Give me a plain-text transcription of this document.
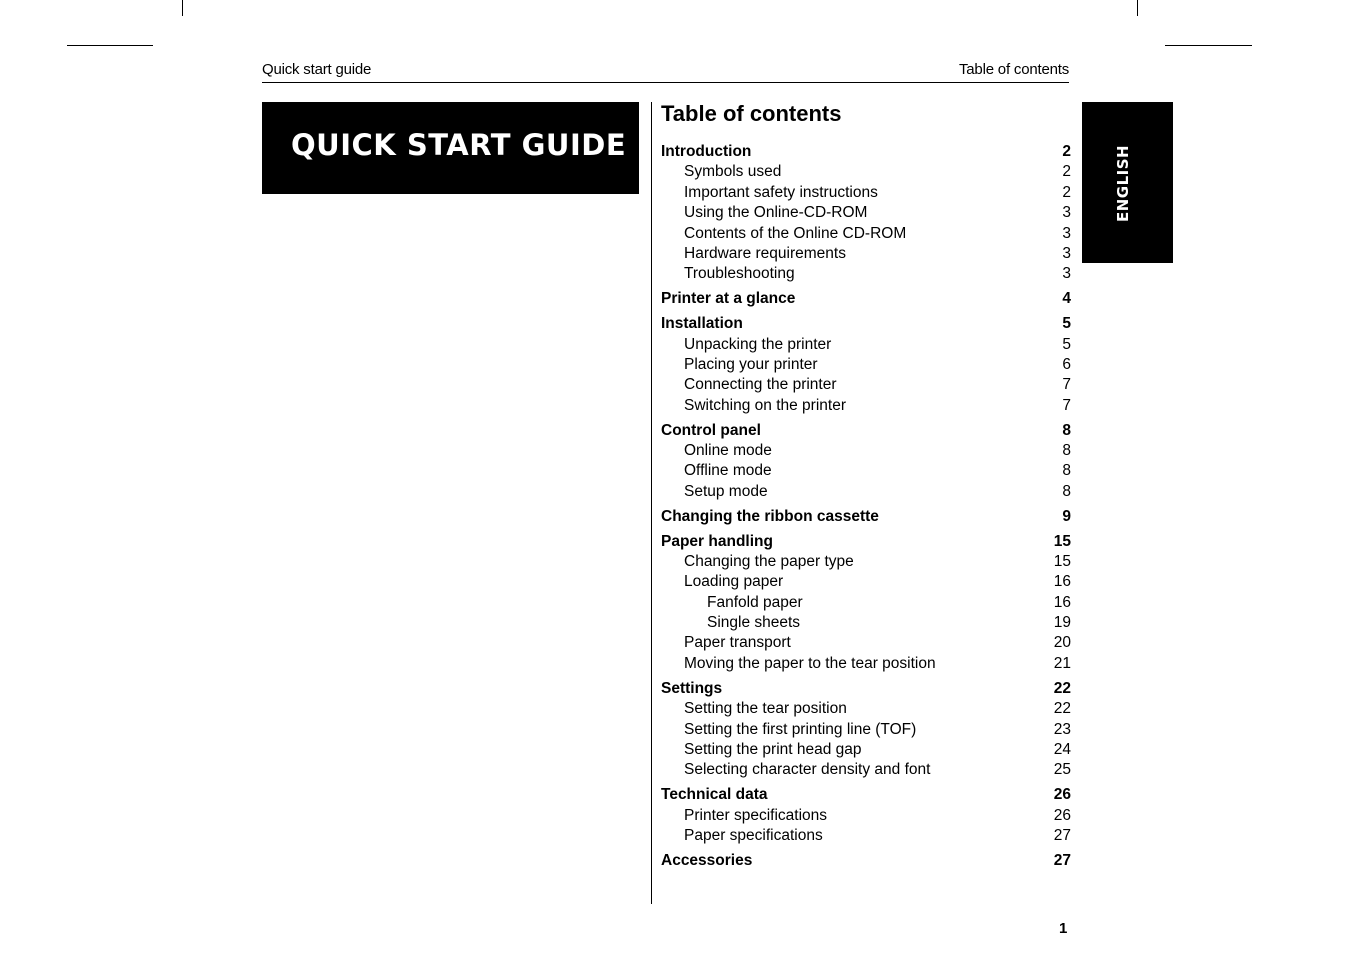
Quick start guide	Table of contents
QUICK START GUIDE
Table of contents
Introduction	2
Symbols used	2
Important safety instructions	2
Using the Online-CD-ROM	3
Contents of the Online CD-ROM	3
Hardware requirements	3
Troubleshooting	3
Printer at a glance	4
Installation	5
Unpacking the printer	5
Placing your printer	6
Connecting the printer	7
Switching on the printer	7
Control panel	8
Online mode	8
Offline mode	8
Setup mode	8
Changing the ribbon cassette	9
Paper handling	15
Changing the paper type	15
Loading paper	16
Fanfold paper	16
Single sheets	19
Paper transport	20
Moving the paper to the tear position	21
Settings	22
Setting the tear position	22
Setting the first printing line (TOF)	23
Setting the print head gap	24
Selecting character density and font	25
Technical data	26
Printer specifications	26
Paper specifications	27
Accessories	27
ENGLISH
1
